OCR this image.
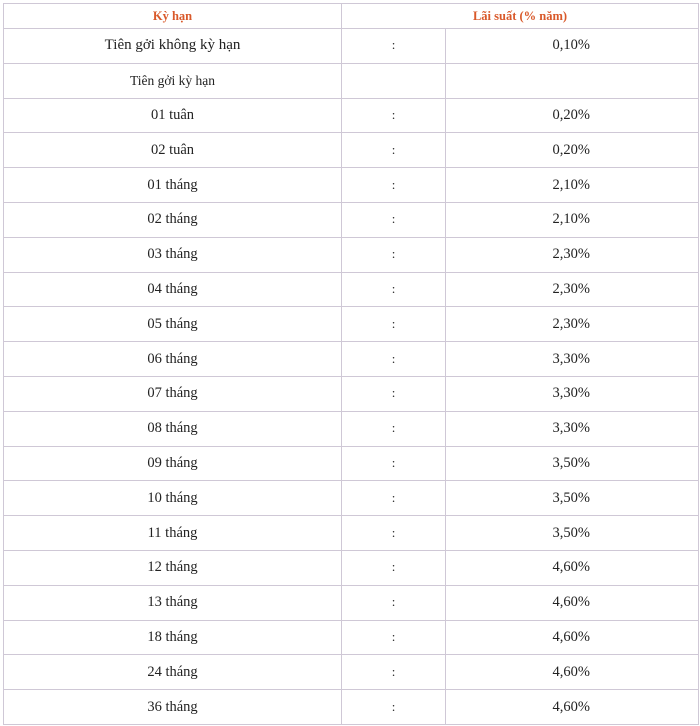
Kỳ hạn	Lãi suất (% năm)	
Tiên gởi không kỳ hạn	:	0,10%
Tiên gởi kỳ hạn		
01 tuân	:	0,20%
02 tuân	:	0,20%
01 tháng	:	2,10%
02 tháng	:	2,10%
03 tháng	:	2,30%
04 tháng	:	2,30%
05 tháng	:	2,30%
06 tháng	:	3,30%
07 tháng	:	3,30%
08 tháng	:	3,30%
09 tháng	:	3,50%
10 tháng	:	3,50%
11 tháng	:	3,50%
12 tháng	:	4,60%
13 tháng	:	4,60%
18 tháng	:	4,60%
24 tháng	:	4,60%
36 tháng	:	4,60%
